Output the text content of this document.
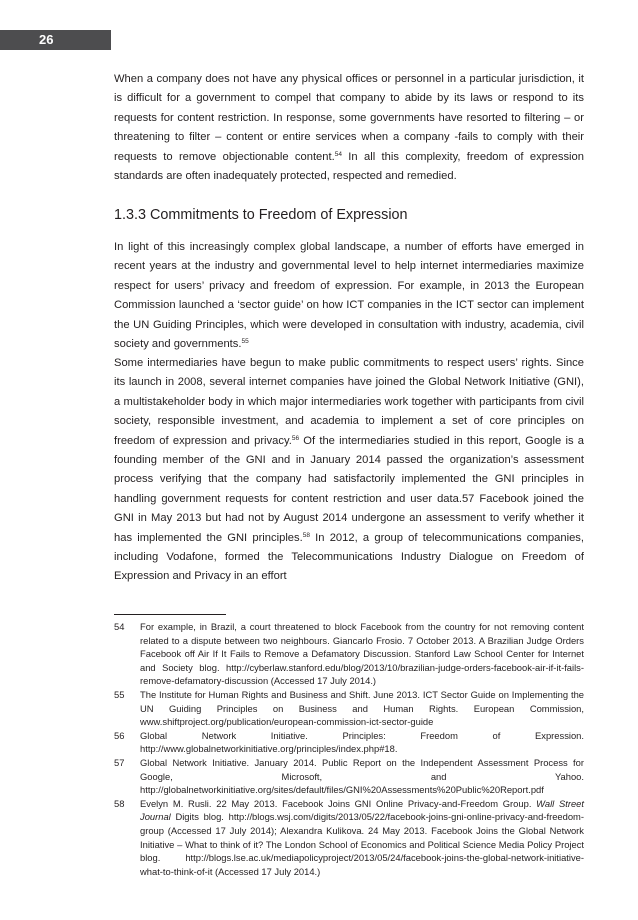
26

When a company does not have any physical offices or personnel in a particular jurisdiction, it is difficult for a government to compel that company to abide by its laws or respond to its requests for content restriction. In response, some governments have resorted to filtering – or threatening to filter – content or entire services when a company -fails to comply with their requests to remove objectionable content.$^{54}$ In all this complexity, freedom of expression standards are often inadequately protected, respected and remedied.

1.3.3 Commitments to Freedom of Expression

In light of this increasingly complex global landscape, a number of efforts have emerged in recent years at the industry and governmental level to help internet intermediaries maximize respect for users’ privacy and freedom of expression. For example, in 2013 the European Commission launched a ‘sector guide’ on how ICT companies in the ICT sector can implement the UN Guiding Principles, which were developed in consultation with industry, academia, civil society and governments.$^{55}$

Some intermediaries have begun to make public commitments to respect users’ rights. Since its launch in 2008, several internet companies have joined the Global Network Initiative (GNI), a multistakeholder body in which major intermediaries work together with participants from civil society, responsible investment, and academia to implement a set of core principles on freedom of expression and privacy.$^{56}$ Of the intermediaries studied in this report, Google is a founding member of the GNI and in January 2014 passed the organization’s assessment process verifying that the company had satisfactorily implemented the GNI principles in handling government requests for content restriction and user data.57 Facebook joined the GNI in May 2013 but had not by August 2014 undergone an assessment to verify whether it has implemented the GNI principles.$^{58}$ In 2012, a group of telecommunications companies, including Vodafone, formed the Telecommunications Industry Dialogue on Freedom of Expression and Privacy in an effort

54	For example, in Brazil, a court threatened to block Facebook from the country for not removing content related to a dispute between two neighbours. Giancarlo Frosio. 7 October 2013. A Brazilian Judge Orders Facebook off Air If It Fails to Remove a Defamatory Discussion. Stanford Law School Center for Internet and Society blog. http://cyberlaw.stanford.edu/blog/2013/10/brazilian-judge-orders-facebook-air-if-it-fails-remove-defamatory-discussion (Accessed 17 July 2014.)
55	The Institute for Human Rights and Business and Shift. June 2013. ICT Sector Guide on Implementing the UN Guiding Principles on Business and Human Rights. European Commission, www.shiftproject.org/publication/european-commission-ict-sector-guide
56	Global Network Initiative. Principles: Freedom of Expression. http://www.globalnetworkinitiative.org/principles/index.php#18.
57	Global Network Initiative. January 2014. Public Report on the Independent Assessment Process for Google, Microsoft, and Yahoo. http://globalnetworkinitiative.org/sites/default/files/GNI%20Assessments%20Public%20Report.pdf
58	Evelyn M. Rusli. 22 May 2013. Facebook Joins GNI Online Privacy-and-Freedom Group. Wall Street Journal Digits blog. http://blogs.wsj.com/digits/2013/05/22/facebook-joins-gni-online-privacy-and-freedom-group (Accessed 17 July 2014); Alexandra Kulikova. 24 May 2013. Facebook Joins the Global Network Initiative – What to think of it? The London School of Economics and Political Science Media Policy Project blog. http://blogs.lse.ac.uk/mediapolicyproject/2013/05/24/facebook-joins-the-global-network-initiative-what-to-think-of-it (Accessed 17 July 2014.)
